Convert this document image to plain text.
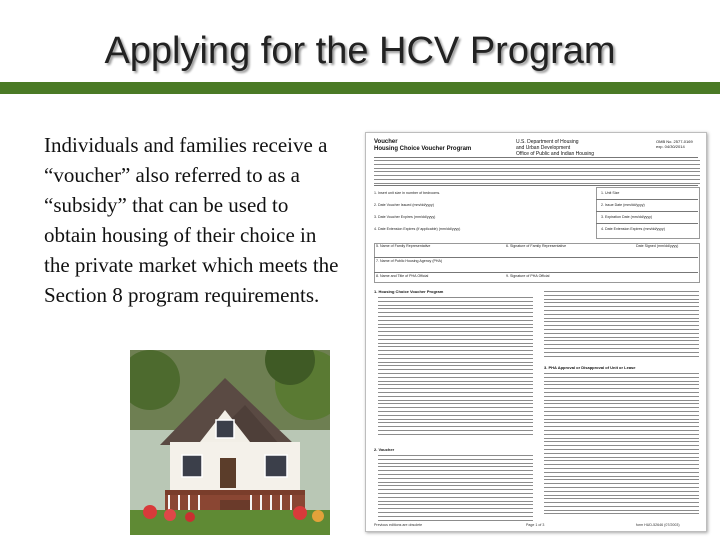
Applying for the HCV Program
Individuals and families receive a “voucher” also referred to as a “subsidy” that can be used to obtain housing of their choice in the private market which meets the Section 8 program requirements.
Voucher
Housing Choice Voucher Program
U.S. Department of Housing
and Urban Development
Office of Public and Indian Housing
OMB No. 2577-0169
exp. 04/30/2014
1. Insert unit size in number of bedrooms.
2. Date Voucher Issued (mm/dd/yyyy)
3. Date Voucher Expires (mm/dd/yyyy)
4. Date Extension Expires (if applicable) (mm/dd/yyyy)
1. Unit Size
2. Issue Date (mm/dd/yyyy)
3. Expiration Date (mm/dd/yyyy)
4. Date Extension Expires (mm/dd/yyyy)
5. Name of Family Representative	6. Signature of Family Representative	Date Signed (mm/dd/yyyy)
7. Name of Public Housing Agency (PHA)
8. Name and Title of PHA Official	9. Signature of PHA Official
1. Housing Choice Voucher Program
2. Voucher
3. PHA Approval or Disapproval of Unit or Lease
Previous editions are obsolete	Page 1 of 3	form HUD-52646 (07/2003)
